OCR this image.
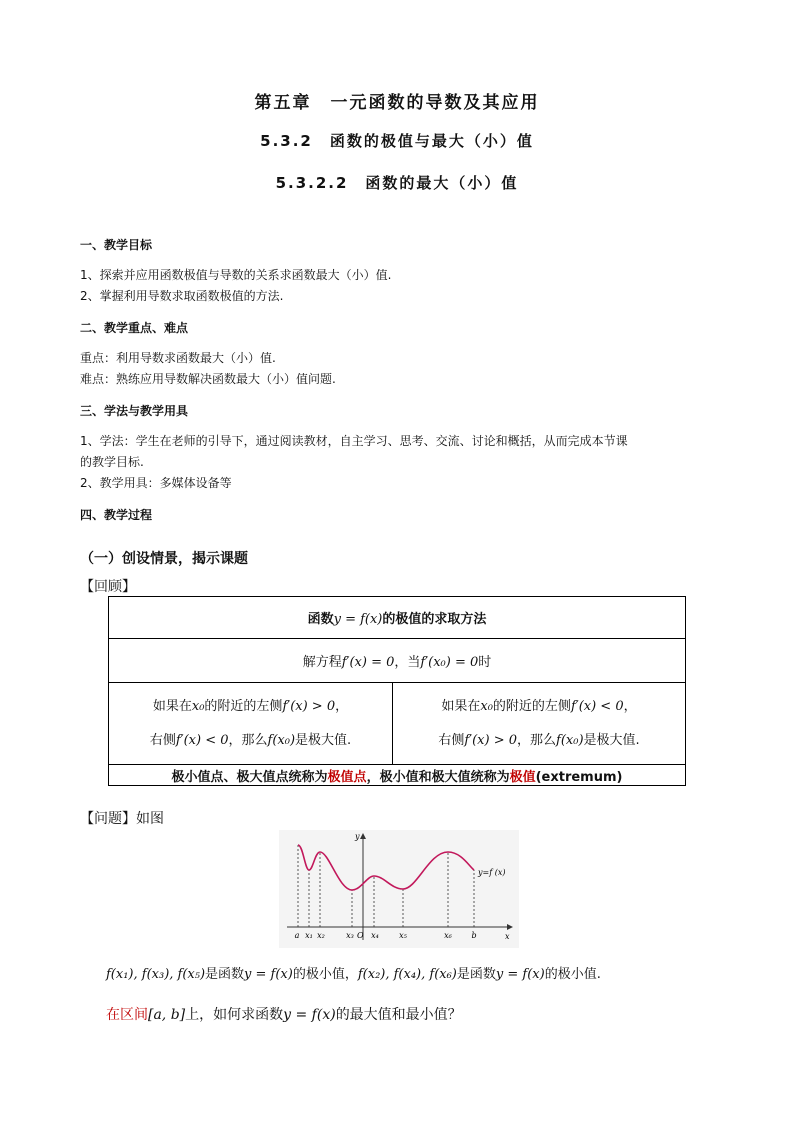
第五章　一元函数的导数及其应用
5.3.2　函数的极值与最大（小）值
5.3.2.2　函数的最大（小）值
一、教学目标
1、探索并应用函数极值与导数的关系求函数最大（小）值.
2、掌握利用导数求取函数极值的方法.
二、教学重点、难点
重点：利用导数求函数最大（小）值.
难点：熟练应用导数解决函数最大（小）值问题.
三、学法与教学用具
1、学法：学生在老师的引导下，通过阅读教材，自主学习、思考、交流、讨论和概括，从而完成本节课
的教学目标.
2、教学用具：多媒体设备等
四、教学过程
（一）创设情景，揭示课题
【回顾】
函数y = f(x)的极值的求取方法
解方程f′(x) = 0，当f′(x₀) = 0时

如果在x₀的附近的左侧f′(x) > 0，
右侧f′(x) < 0，那么f(x₀)是极大值.

如果在x₀的附近的左侧f′(x) < 0，
右侧f′(x) > 0，那么f(x₀)是极大值.

极小值点、极大值点统称为极值点，极小值和极大值统称为极值(extremum)
【问题】如图
y=f (x)
y
x
O
a x₁ x₂	x₃ x₄	x₅	x₆ b
f(x₁), f(x₃), f(x₅)是函数y = f(x)的极小值，f(x₂), f(x₄), f(x₆)是函数y = f(x)的极小值.
在区间[a, b]上，如何求函数y = f(x)的最大值和最小值？
